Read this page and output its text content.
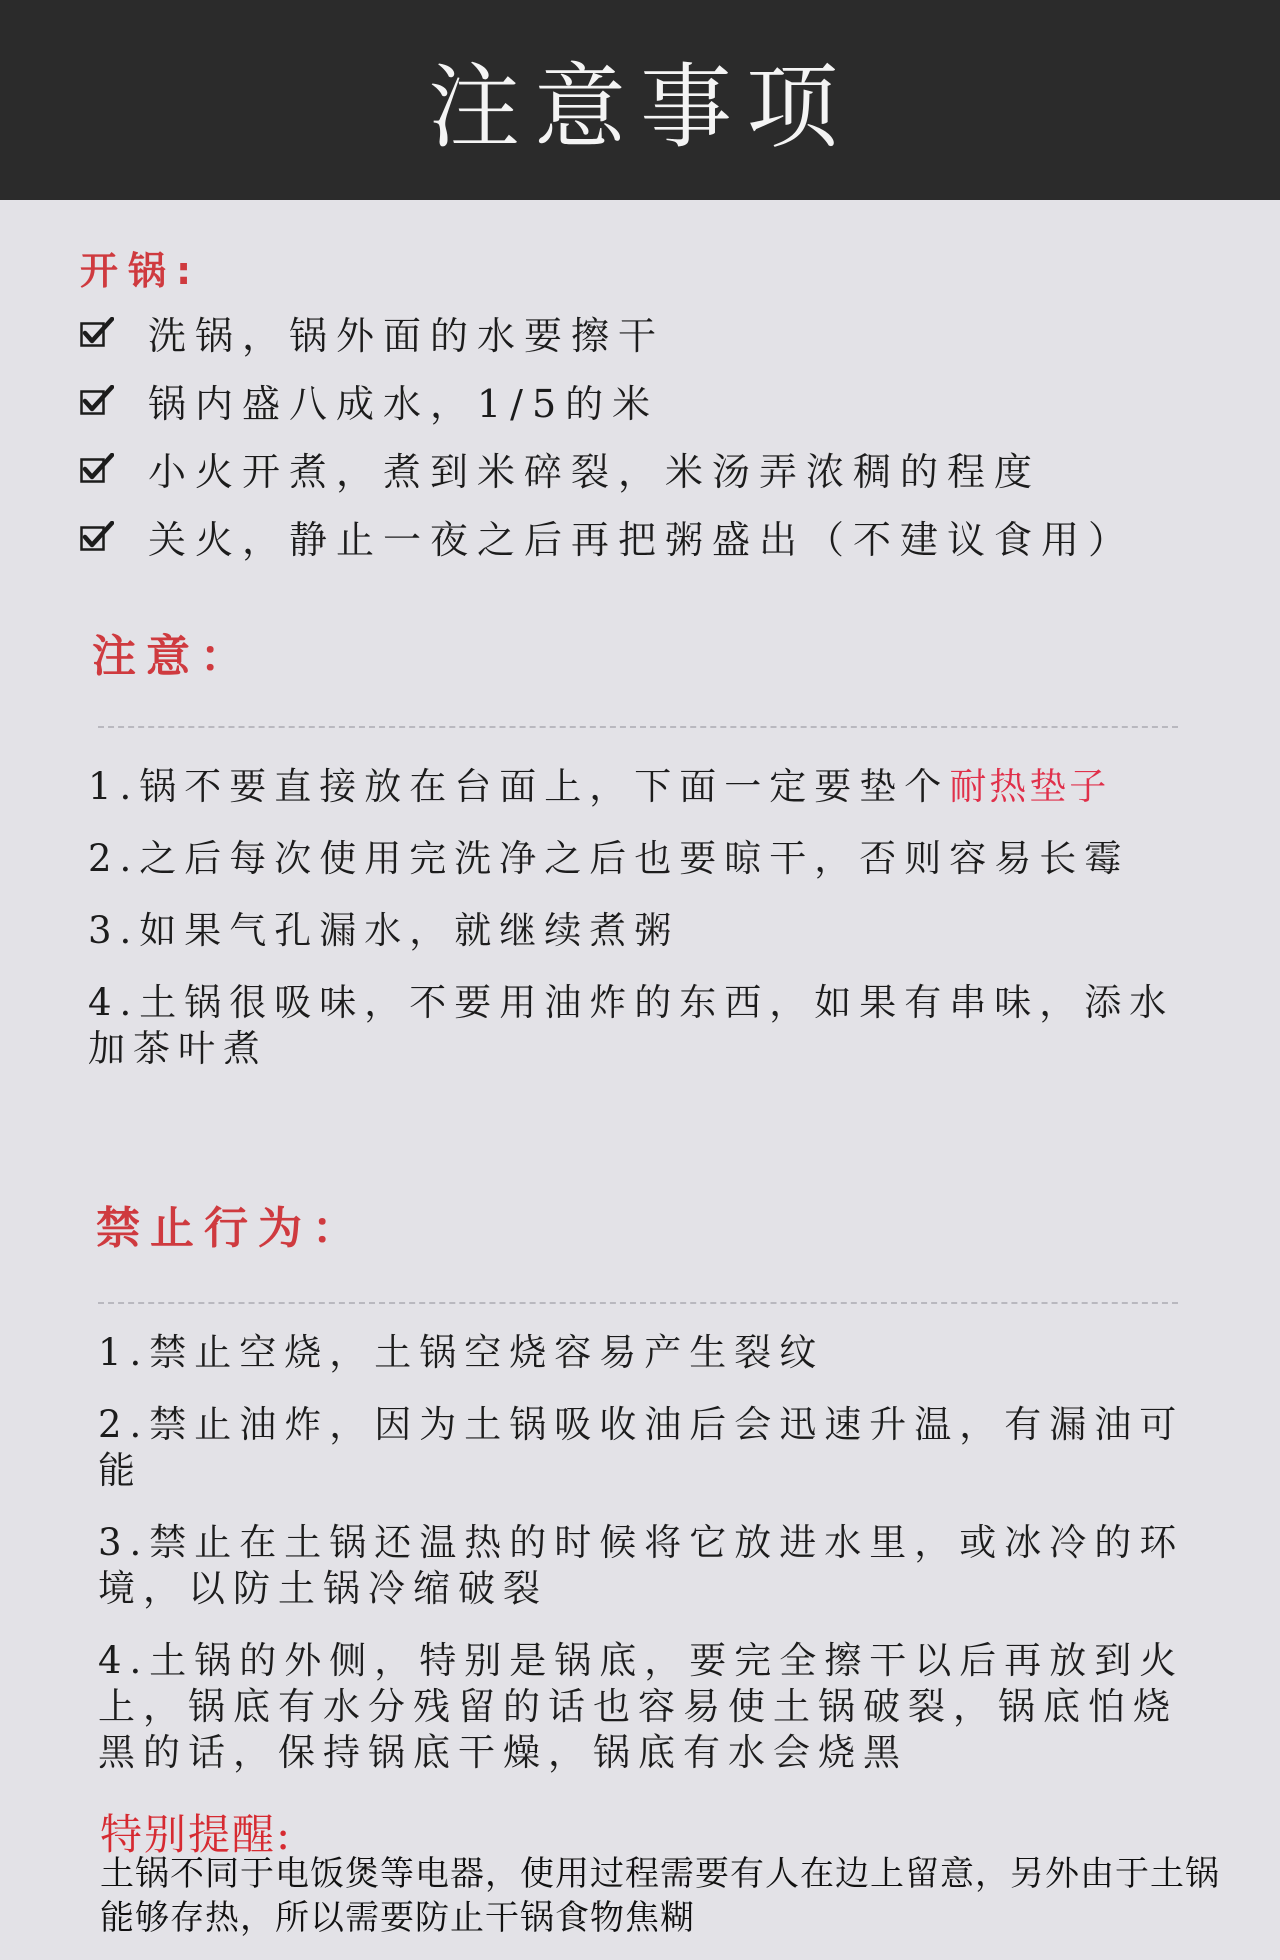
注意事项
开锅:
洗锅，锅外面的水要擦干
锅内盛八成水，1/5的米
小火开煮，煮到米碎裂，米汤弄浓稠的程度
关火，静止一夜之后再把粥盛出（不建议食用）
注意：
1.锅不要直接放在台面上，下面一定要垫个耐热垫子
2.之后每次使用完洗净之后也要晾干，否则容易长霉
3.如果气孔漏水，就继续煮粥
4.土锅很吸味，不要用油炸的东西，如果有串味，添水加茶叶煮
禁止行为：
1.禁止空烧，土锅空烧容易产生裂纹
2.禁止油炸，因为土锅吸收油后会迅速升温，有漏油可能
3.禁止在土锅还温热的时候将它放进水里，或冰冷的环境，以防土锅冷缩破裂
4.土锅的外侧，特别是锅底，要完全擦干以后再放到火上，锅底有水分残留的话也容易使土锅破裂，锅底怕烧黑的话，保持锅底干燥，锅底有水会烧黑
特别提醒:

土锅不同于电饭煲等电器，使用过程需要有人在边上留意，另外由于土锅能够存热，所以需要防止干锅食物焦糊
